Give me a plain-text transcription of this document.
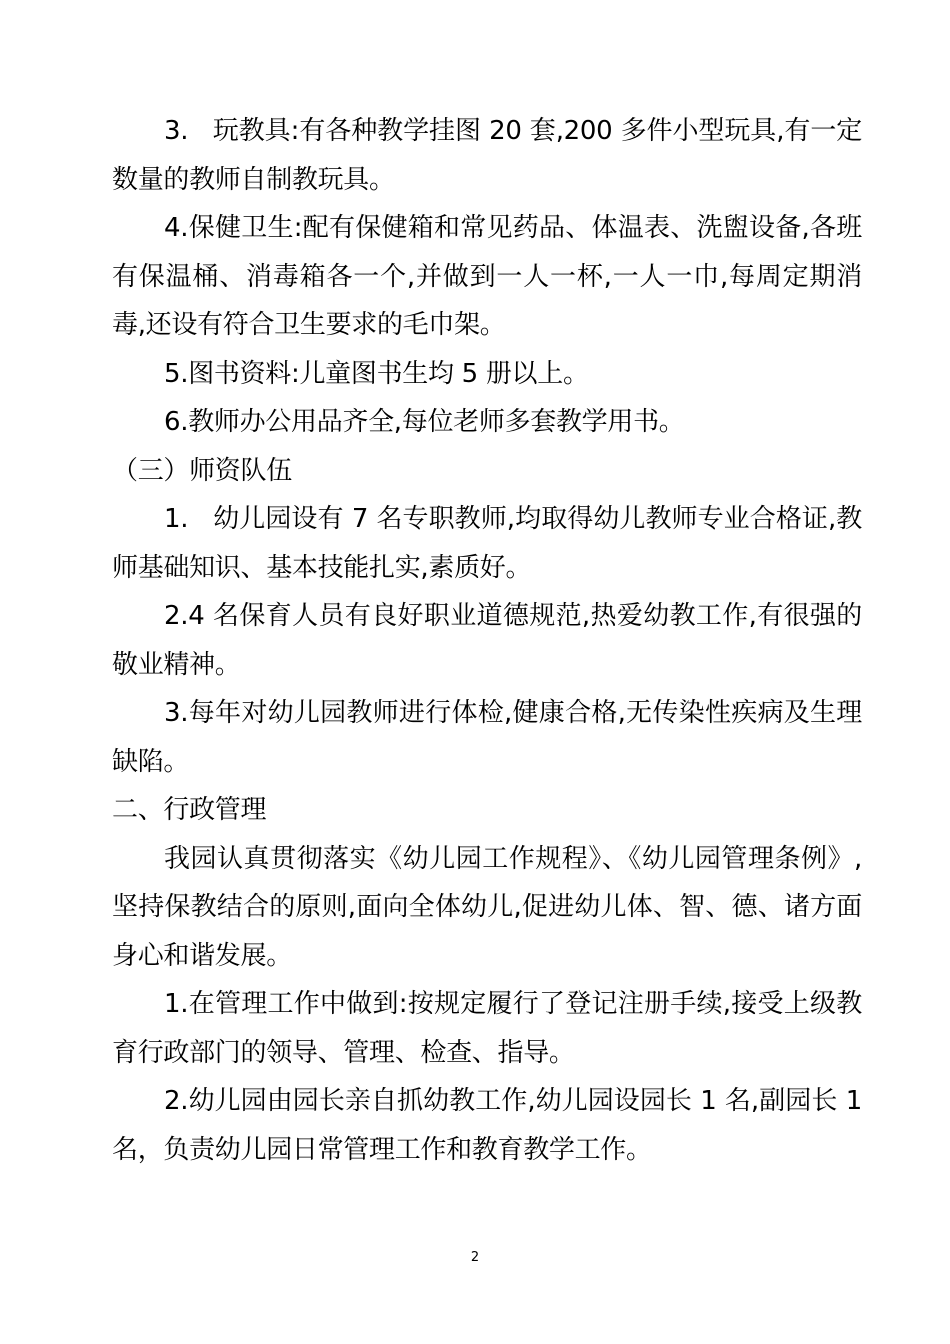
3.   玩教具:有各种教学挂图 20 套,200 多件小型玩具,有一定数量的教师自制教玩具。

4.保健卫生:配有保健箱和常见药品、体温表、洗盥设备,各班有保温桶、消毒箱各一个,并做到一人一杯,一人一巾,每周定期消毒,还设有符合卫生要求的毛巾架。

5.图书资料:儿童图书生均 5 册以上。

6.教师办公用品齐全,每位老师多套教学用书。

（三）师资队伍

1.   幼儿园设有 7 名专职教师,均取得幼儿教师专业合格证,教师基础知识、基本技能扎实,素质好。

2.4 名保育人员有良好职业道德规范,热爱幼教工作,有很强的敬业精神。

3.每年对幼儿园教师进行体检,健康合格,无传染性疾病及生理缺陷。

二、行政管理

我园认真贯彻落实《幼儿园工作规程》、《幼儿园管理条例》,坚持保教结合的原则,面向全体幼儿,促进幼儿体、智、德、诸方面身心和谐发展。

1.在管理工作中做到:按规定履行了登记注册手续,接受上级教育行政部门的领导、管理、检查、指导。

2.幼儿园由园长亲自抓幼教工作,幼儿园设园长 1 名,副园长 1 名，负责幼儿园日常管理工作和教育教学工作。

2
